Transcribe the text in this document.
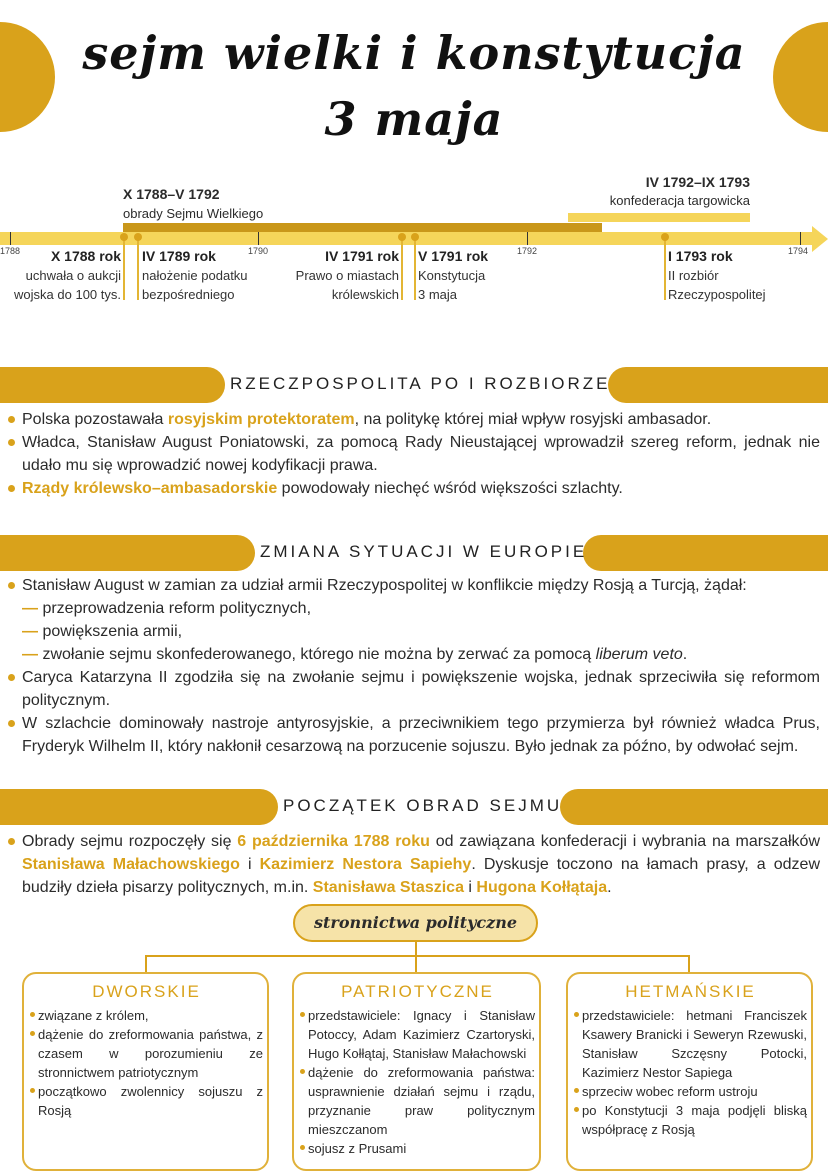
sejm wielki i konstytucja
3 maja
X 1788–V 1792
obrady Sejmu Wielkiego
IV 1792–IX 1793
konfederacja targowicka
1788	1790	1792	1794
X 1788 rok
uchwała o aukcji
wojska do 100 tys.
IV 1789 rok
nałożenie podatku
bezpośredniego
IV 1791 rok
Prawo o miastach
królewskich
V 1791 rok
Konstytucja
3 maja
I 1793 rok
II rozbiór
Rzeczypospolitej
RZECZPOSPOLITA PO I ROZBIORZE
Polska pozostawała rosyjskim protektoratem, na politykę której miał wpływ rosyjski ambasador.
Władca, Stanisław August Poniatowski, za pomocą Rady Nieustającej wprowadził szereg reform, jednak nie udało mu się wprowadzić nowej kodyfikacji prawa.
Rządy królewsko–ambasadorskie powodowały niechęć wśród większości szlachty.
ZMIANA SYTUACJI W EUROPIE
Stanisław August w zamian za udział armii Rzeczypospolitej w konflikcie między Rosją a Turcją, żądał:
— przeprowadzenia reform politycznych,
— powiększenia armii,
— zwołanie sejmu skonfederowanego, którego nie można by zerwać za pomocą liberum veto.
Caryca Katarzyna II zgodziła się na zwołanie sejmu i powiększenie wojska, jednak sprzeciwiła się reformom politycznym.
W szlachcie dominowały nastroje antyrosyjskie, a przeciwnikiem tego przymierza był również władca Prus, Fryderyk Wilhelm II, który nakłonił cesarzową na porzucenie sojuszu. Było jednak za późno, by odwołać sejm.
POCZĄTEK OBRAD SEJMU
Obrady sejmu rozpoczęły się 6 października 1788 roku od zawiązana konfederacji i wybrania na marszałków Stanisława Małachowskiego i Kazimierz Nestora Sapiehy. Dyskusje toczono na łamach prasy, a odzew budziły dzieła pisarzy politycznych, m.in. Stanisława Staszica i Hugona Kołłątaja.
stronnictwa polityczne
DWORSKIE
związane z królem,
dążenie do zreformowania państwa, z czasem w porozumieniu ze stronnictwem patriotycznym
początkowo zwolennicy sojuszu z Rosją
PATRIOTYCZNE
przedstawiciele: Ignacy i Stanisław Potoccy, Adam Kazimierz Czartoryski, Hugo Kołłątaj, Stanisław Małachowski
dążenie do zreformowania państwa: usprawnienie działań sejmu i rządu, przyznanie praw politycznym mieszczanom
sojusz z Prusami
HETMAŃSKIE
przedstawiciele: hetmani Franciszek Ksawery Branicki i Seweryn Rzewuski, Stanisław Szczęsny Potocki, Kazimierz Nestor Sapiega
sprzeciw wobec reform ustroju
po Konstytucji 3 maja podjęli bliską współpracę z Rosją
